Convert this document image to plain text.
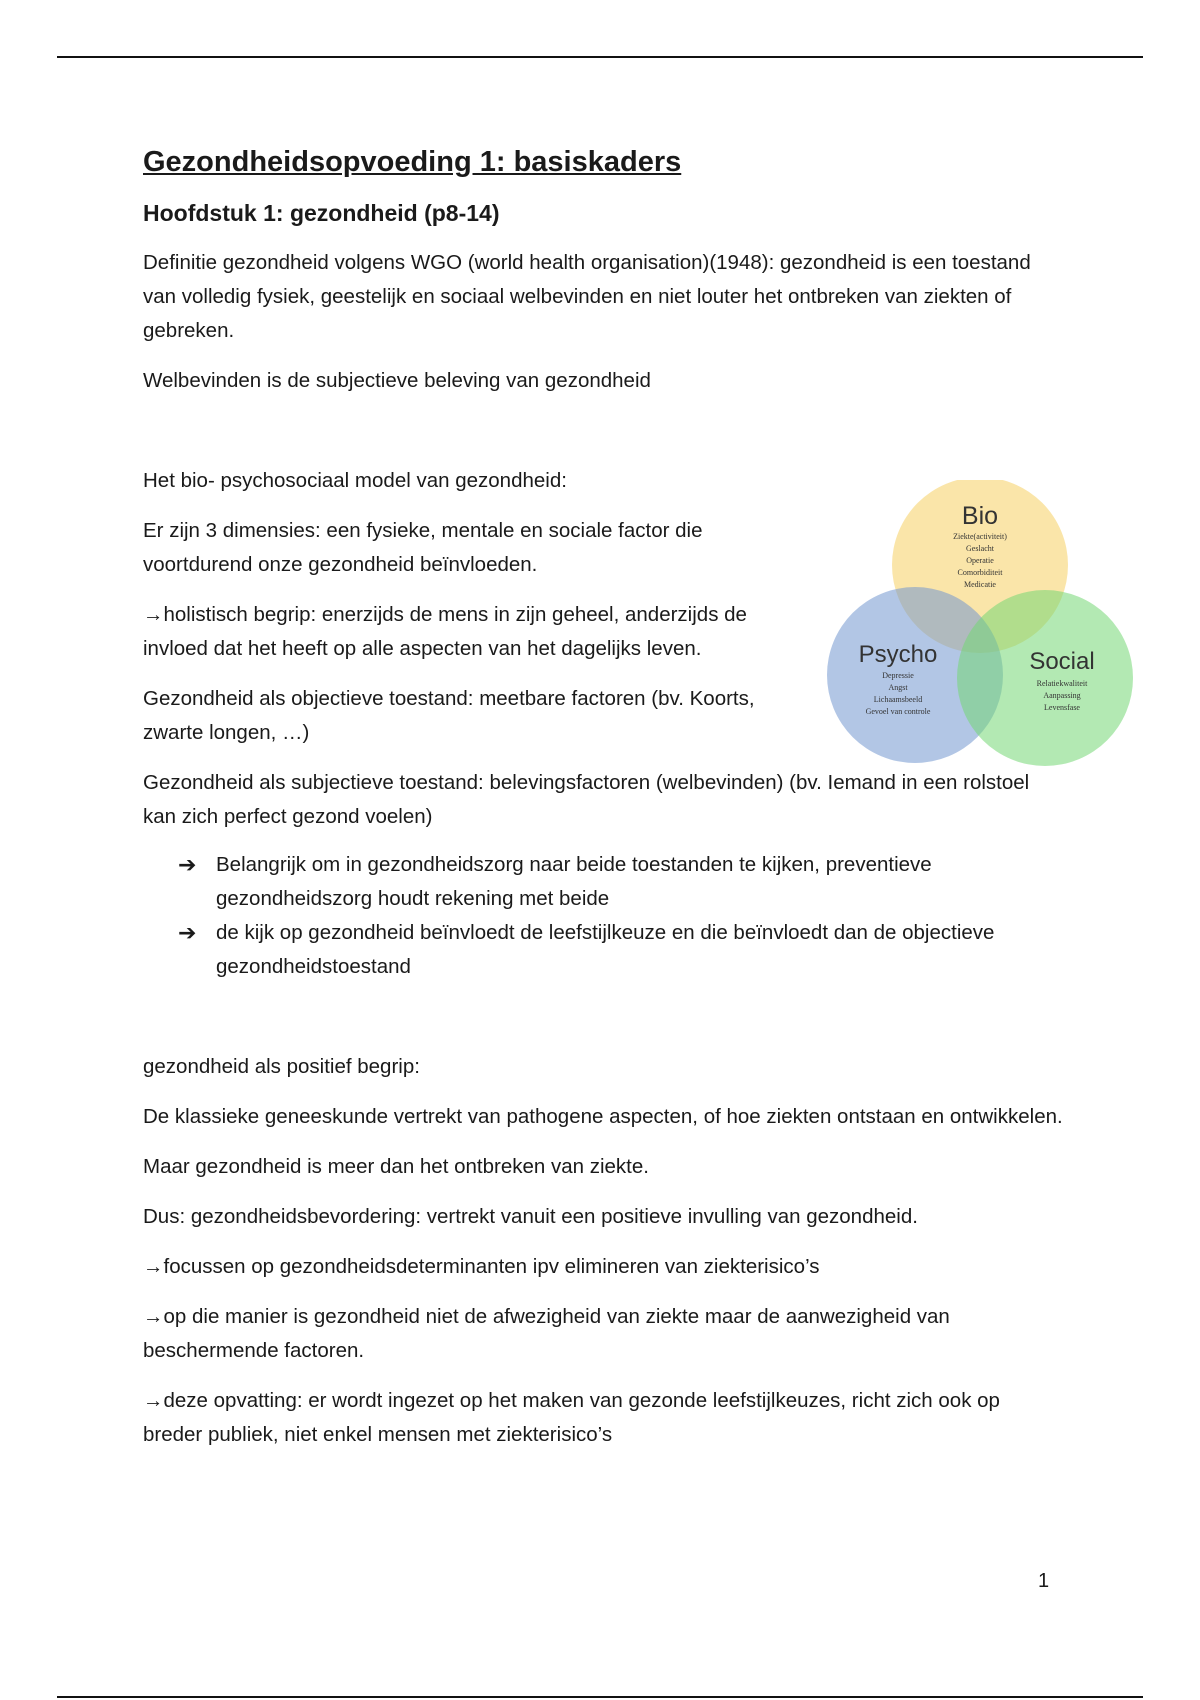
Gezondheidsopvoeding 1: basiskaders
Hoofdstuk 1: gezondheid (p8-14)

Definitie gezondheid volgens WGO (world health organisation)(1948): gezondheid is een toestand van volledig fysiek, geestelijk en sociaal welbevinden en niet louter het ontbreken van ziekten of gebreken.

Welbevinden is de subjectieve beleving van gezondheid

Het bio- psychosociaal model van gezondheid:

Er zijn 3 dimensies: een fysieke, mentale en sociale factor die voortdurend onze gezondheid beïnvloeden.

→holistisch begrip: enerzijds de mens in zijn geheel, anderzijds de invloed dat het heeft op alle aspecten van het dagelijks leven.

Gezondheid als objectieve toestand: meetbare factoren (bv. Koorts, zwarte longen, …)

Gezondheid als subjectieve toestand: belevingsfactoren (welbevinden) (bv. Iemand in een rolstoel kan zich perfect gezond voelen)

➔ Belangrijk om in gezondheidszorg naar beide toestanden te kijken, preventieve gezondheidszorg houdt rekening met beide
➔ de kijk op gezondheid beïnvloedt de leefstijlkeuze en die beïnvloedt dan de objectieve gezondheidstoestand

gezondheid als positief begrip:

De klassieke geneeskunde vertrekt van pathogene aspecten, of hoe ziekten ontstaan en ontwikkelen.

Maar gezondheid is meer dan het ontbreken van ziekte.

Dus: gezondheidsbevordering: vertrekt vanuit een positieve invulling van gezondheid.

→focussen op gezondheidsdeterminanten ipv elimineren van ziekterisico’s

→op die manier is gezondheid niet de afwezigheid van ziekte maar de aanwezigheid van beschermende factoren.

→deze opvatting: er wordt ingezet op het maken van gezonde leefstijlkeuzes, richt zich ook op breder publiek, niet enkel mensen met ziekterisico’s

Bio
Ziekte(activiteit)
Geslacht
Operatie
Comorbiditeit
Medicatie
Psycho
Depressie
Angst
Lichaamsbeeld
Gevoel van controle
Social
Relatiekwaliteit
Aanpassing
Levensfase
1
